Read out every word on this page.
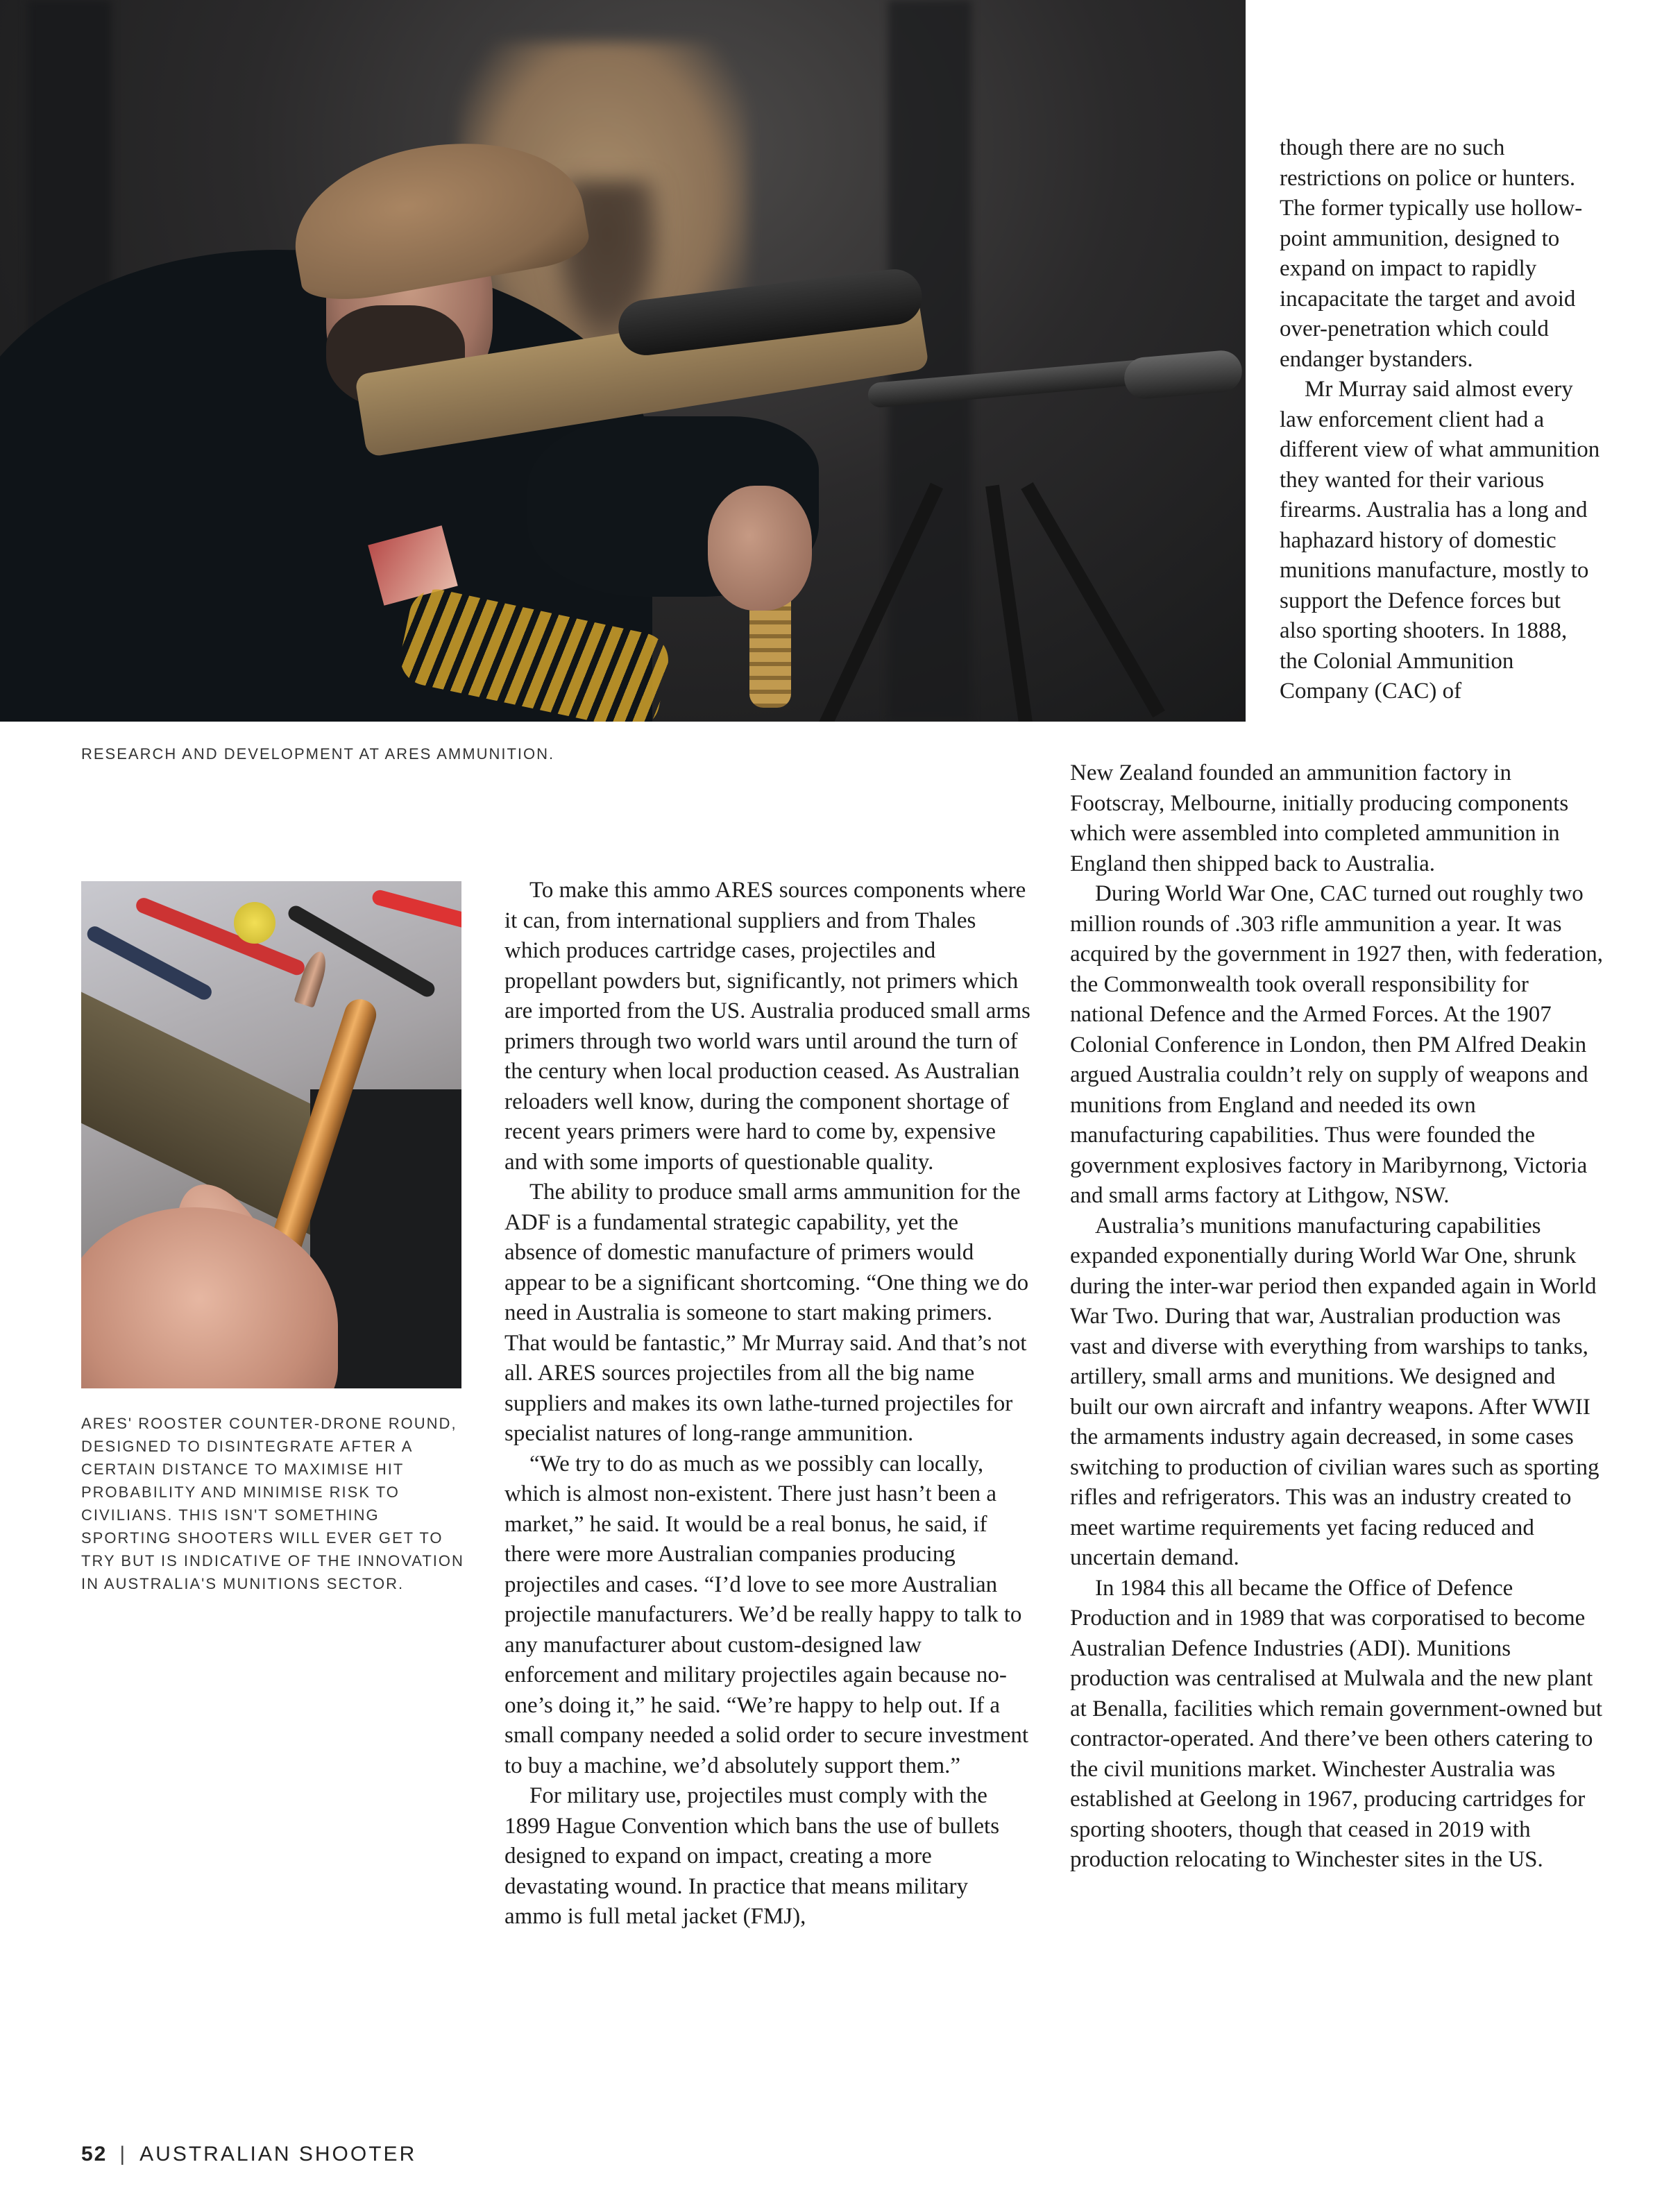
RESEARCH AND DEVELOPMENT AT ARES AMMUNITION.
ARES' ROOSTER COUNTER-DRONE ROUND, DESIGNED TO DISINTEGRATE AFTER A CERTAIN DISTANCE TO MAXIMISE HIT PROBABILITY AND MINIMISE RISK TO CIVILIANS. THIS ISN'T SOMETHING SPORTING SHOOTERS WILL EVER GET TO TRY BUT IS INDICATIVE OF THE INNOVATION IN AUSTRALIA'S MUNITIONS SECTOR.

To make this ammo ARES sources components where it can, from international suppliers and from Thales which produces cartridge cases, projectiles and propellant powders but, significantly, not primers which are imported from the US. Australia produced small arms primers through two world wars until around the turn of the century when local production ceased. As Australian reloaders well know, during the component shortage of recent years primers were hard to come by, expensive and with some imports of questionable quality.

The ability to produce small arms ammunition for the ADF is a fundamental strategic capability, yet the absence of domestic manufacture of primers would appear to be a significant shortcoming. “One thing we do need in Australia is someone to start making primers. That would be fantastic,” Mr Murray said. And that’s not all. ARES sources projectiles from all the big name suppliers and makes its own lathe-turned projectiles for specialist natures of long-range ammunition.

“We try to do as much as we possibly can locally, which is almost non-existent. There just hasn’t been a market,” he said. It would be a real bonus, he said, if there were more Australian companies producing projectiles and cases. “I’d love to see more Australian projectile manufacturers. We’d be really happy to talk to any manufacturer about custom-designed law enforcement and military projectiles again because no-one’s doing it,” he said. “We’re happy to help out. If a small company needed a solid order to secure investment to buy a machine, we’d absolutely support them.”

For military use, projectiles must comply with the 1899 Hague Convention which bans the use of bullets designed to expand on impact, creating a more devastating wound. In practice that means military ammo is full metal jacket (FMJ),

though there are no such restrictions on police or hunters. The former typically use hollow-point ammunition, designed to expand on impact to rapidly incapacitate the target and avoid over-penetration which could endanger bystanders.

Mr Murray said almost every law enforcement client had a different view of what ammunition they wanted for their various firearms. Australia has a long and haphazard history of domestic munitions manufacture, mostly to support the Defence forces but also sporting shooters. In 1888, the Colonial Ammunition Company (CAC) of

New Zealand founded an ammunition factory in Footscray, Melbourne, initially producing components which were assembled into completed ammunition in England then shipped back to Australia.

During World War One, CAC turned out roughly two million rounds of .303 rifle ammunition a year. It was acquired by the government in 1927 then, with federation, the Commonwealth took overall responsibility for national Defence and the Armed Forces. At the 1907 Colonial Conference in London, then PM Alfred Deakin argued Australia couldn’t rely on supply of weapons and munitions from England and needed its own manufacturing capabilities. Thus were founded the government explosives factory in Maribyrnong, Victoria and small arms factory at Lithgow, NSW.

Australia’s munitions manufacturing capabilities expanded exponentially during World War One, shrunk during the inter-war period then expanded again in World War Two. During that war, Australian production was vast and diverse with everything from warships to tanks, artillery, small arms and munitions. We designed and built our own aircraft and infantry weapons. After WWII the armaments industry again decreased, in some cases switching to production of civilian wares such as sporting rifles and refrigerators. This was an industry created to meet wartime requirements yet facing reduced and uncertain demand.

In 1984 this all became the Office of Defence Production and in 1989 that was corporatised to become Australian Defence Industries (ADI). Munitions production was centralised at Mulwala and the new plant at Benalla, facilities which remain government-owned but contractor-operated. And there’ve been others catering to the civil munitions market. Winchester Australia was established at Geelong in 1967, producing cartridges for sporting shooters, though that ceased in 2019 with production relocating to Winchester sites in the US.

52 | AUSTRALIAN SHOOTER
